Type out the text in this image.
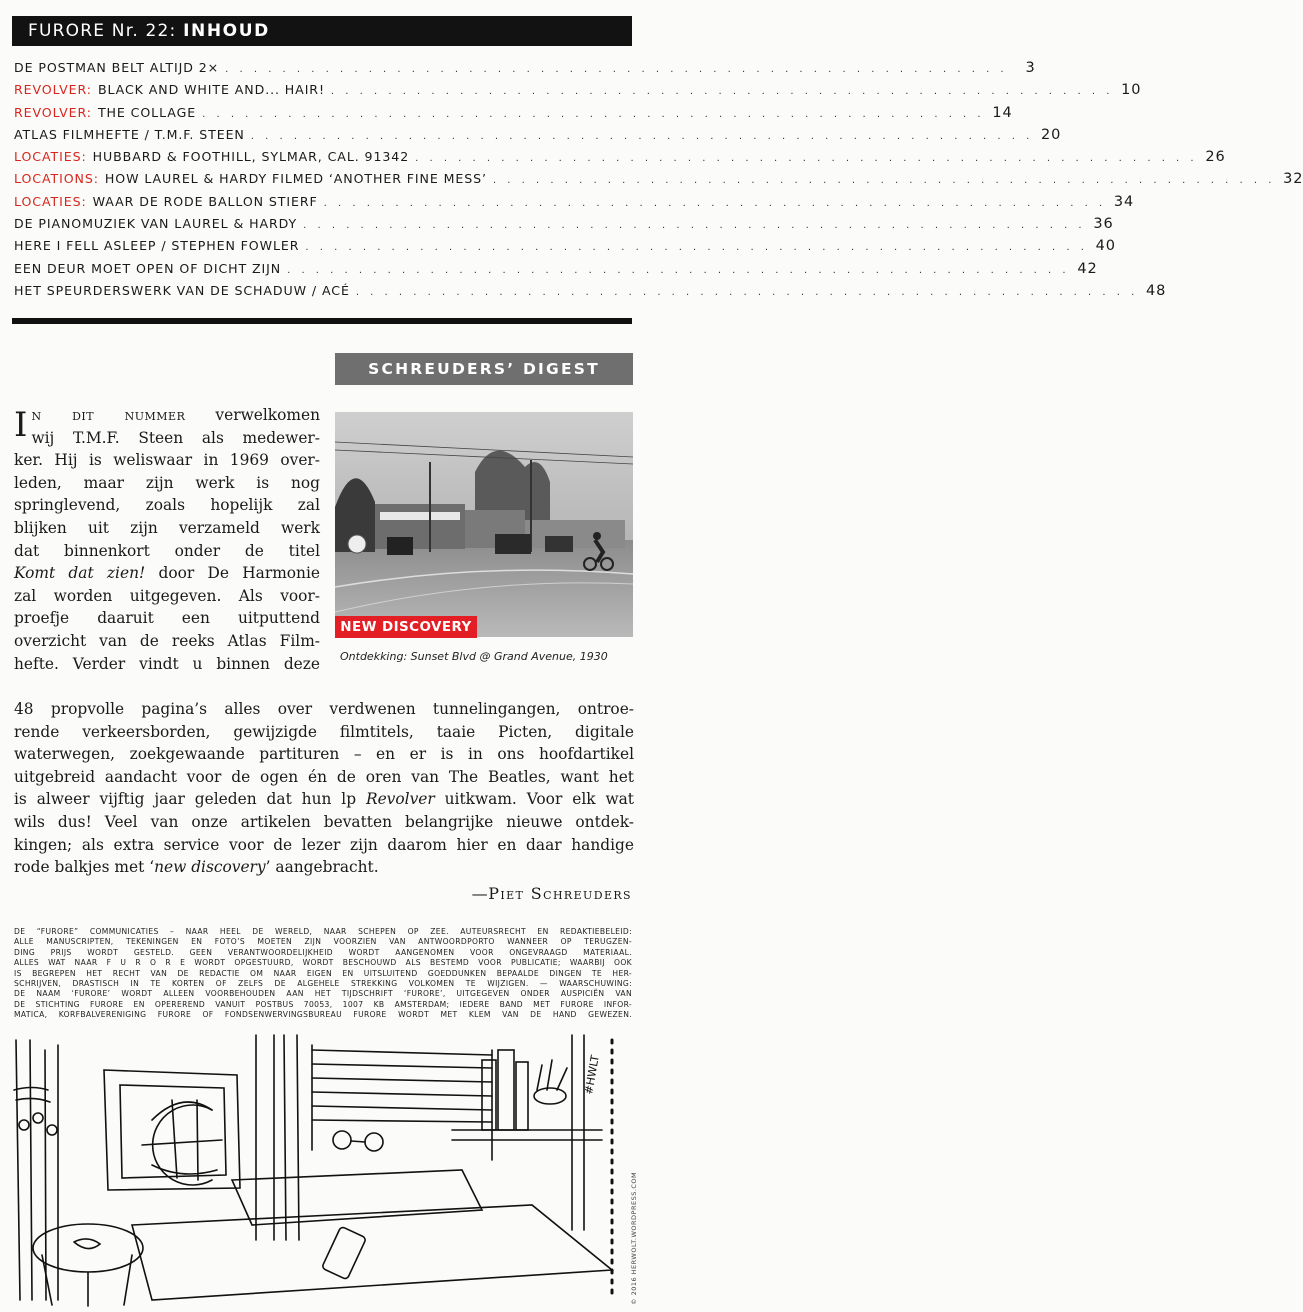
FURORE Nr. 22: INHOUD
DE POSTMAN BELT ALTIJD 2× . . . . . . . . . . . . . . . . . . . . . . . . . . . . . . . . . . . . . . . . . . . . . . . . . . . . . . .	3
REVOLVER: BLACK AND WHITE AND... HAIR! . . . . . . . . . . . . . . . . . . . . . . . . . . . . . . . . . . . . . . . . . . . . . . . . . . . . . . . 10
REVOLVER: THE COLLAGE . . . . . . . . . . . . . . . . . . . . . . . . . . . . . . . . . . . . . . . . . . . . . . . . . . . . . . . 14
ATLAS FILMHEFTE / T.M.F. STEEN . . . . . . . . . . . . . . . . . . . . . . . . . . . . . . . . . . . . . . . . . . . . . . . . . . . . . . . 20
LOCATIES: HUBBARD & FOOTHILL, SYLMAR, CAL. 91342 . . . . . . . . . . . . . . . . . . . . . . . . . . . . . . . . . . . . . . . . . . . . . . . . . . . . . . . 26
LOCATIONS: HOW LAUREL & HARDY FILMED ‘ANOTHER FINE MESS’ . . . . . . . . . . . . . . . . . . . . . . . . . . . . . . . . . . . . . . . . . . . . . . . . . . . . . . . 32
LOCATIES: WAAR DE RODE BALLON STIERF . . . . . . . . . . . . . . . . . . . . . . . . . . . . . . . . . . . . . . . . . . . . . . . . . . . . . . . 34
DE PIANOMUZIEK VAN LAUREL & HARDY . . . . . . . . . . . . . . . . . . . . . . . . . . . . . . . . . . . . . . . . . . . . . . . . . . . . . . . 36
HERE I FELL ASLEEP / STEPHEN FOWLER . . . . . . . . . . . . . . . . . . . . . . . . . . . . . . . . . . . . . . . . . . . . . . . . . . . . . . . 40
EEN DEUR MOET OPEN OF DICHT ZIJN . . . . . . . . . . . . . . . . . . . . . . . . . . . . . . . . . . . . . . . . . . . . . . . . . . . . . . . 42
HET SPEURDERSWERK VAN DE SCHADUW / ACÉ . . . . . . . . . . . . . . . . . . . . . . . . . . . . . . . . . . . . . . . . . . . . . . . . . . . . . . . 48
SCHREUDERS’ DIGEST
NEW DISCOVERY
Ontdekking: Sunset Blvd @ Grand Avenue, 1930
I n dit nummer verwelkomen
wij T.M.F. Steen als medewer-
ker. Hij is weliswaar in 1969 over-
leden, maar zijn werk is nog
springlevend, zoals hopelijk zal
blijken uit zijn verzameld werk
dat binnenkort onder de titel
Komt dat zien! door De Harmonie
zal worden uitgegeven. Als voor-
proefje daaruit een uitputtend
overzicht van de reeks Atlas Film-
hefte. Verder vindt u binnen deze
48 propvolle pagina’s alles over verdwenen tunnelingangen, ontroe-
rende verkeersborden, gewijzigde filmtitels, taaie Picten, digitale
waterwegen, zoekgewaande partituren – en er is in ons hoofdartikel
uitgebreid aandacht voor de ogen én de oren van The Beatles, want het
is alweer vijftig jaar geleden dat hun lp Revolver uitkwam. Voor elk wat
wils dus! Veel van onze artikelen bevatten belangrijke nieuwe ontdek-
kingen; als extra service voor de lezer zijn daarom hier en daar handige
rode balkjes met ‘new discovery’ aangebracht.
—Piet Schreuders
DE “FURORE” COMMUNICATIES – NAAR HEEL DE WERELD, NAAR SCHEPEN OP ZEE. AUTEURSRECHT EN REDAKTIEBELEID:
ALLE MANUSCRIPTEN, TEKENINGEN EN FOTO’S MOETEN ZIJN VOORZIEN VAN ANTWOORDPORTO WANNEER OP TERUGZEN-
DING PRIJS WORDT GESTELD. GEEN VERANTWOORDELIJKHEID WORDT AANGENOMEN VOOR ONGEVRAAGD MATERIAAL.
ALLES WAT NAAR F U R O R E WORDT OPGESTUURD, WORDT BESCHOUWD ALS BESTEMD VOOR PUBLICATIE; WAARBIJ OOK
IS BEGREPEN HET RECHT VAN DE REDACTIE OM NAAR EIGEN EN UITSLUITEND GOEDDUNKEN BEPAALDE DINGEN TE HER-
SCHRIJVEN, DRASTISCH IN TE KORTEN OF ZELFS DE ALGEHELE STREKKING VOLKOMEN TE WIJZIGEN. — WAARSCHUWING:
DE NAAM ‘FURORE’ WORDT ALLEEN VOORBEHOUDEN AAN HET TIJDSCHRIFT ‘FURORE’, UITGEGEVEN ONDER AUSPICIËN VAN
DE STICHTING FURORE EN OPEREREND VANUIT POSTBUS 70053, 1007 KB AMSTERDAM; IEDERE BAND MET FURORE INFOR-
MATICA, KORFBALVERENIGING FURORE OF FONDSENWERVINGSBUREAU FURORE WORDT MET KLEM VAN DE HAND GEWEZEN.
#HWLT
© 2016 HERWOLT.WORDPRESS.COM
